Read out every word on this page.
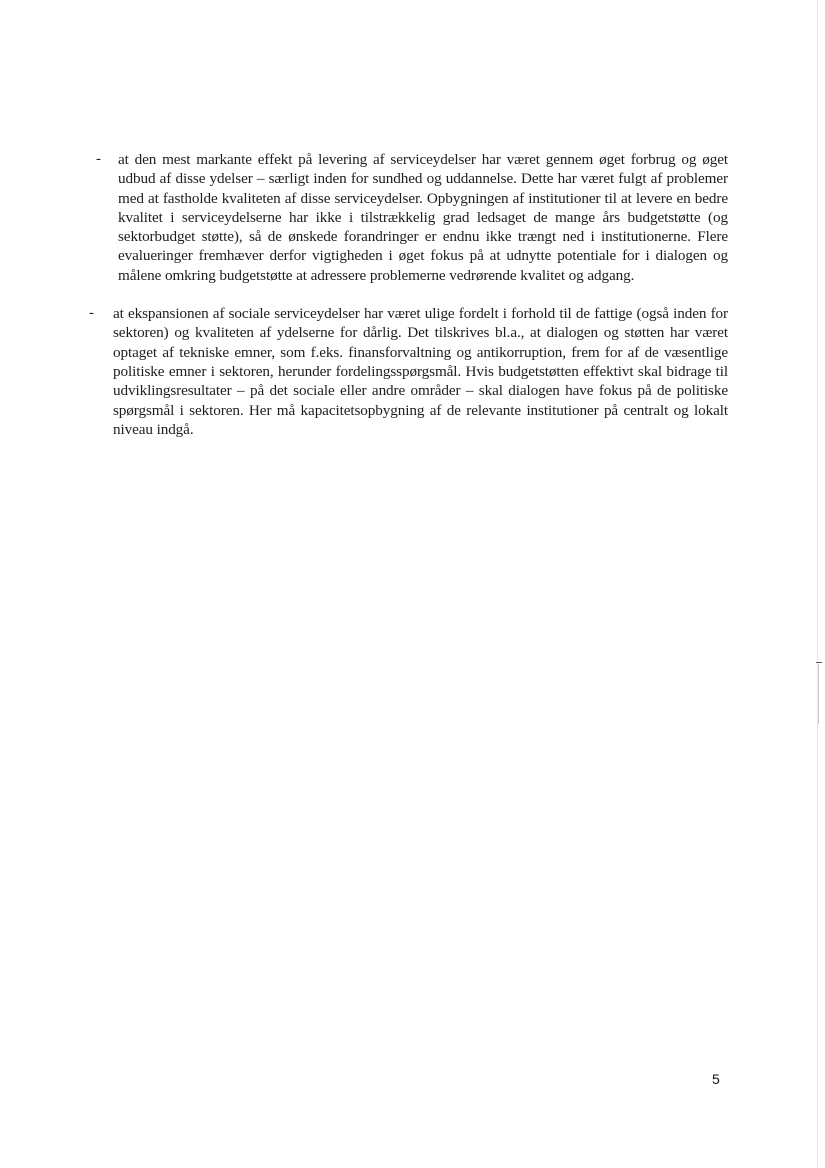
- at den mest markante effekt på levering af serviceydelser har været gennem øget forbrug og øget udbud af disse ydelser – særligt inden for sundhed og uddannelse. Dette har været fulgt af problemer med at fastholde kvaliteten af disse serviceydelser. Opbygningen af institutioner til at levere en bedre kvalitet i serviceydelserne har ikke i tilstrækkelig grad ledsaget de mange års budgetstøtte (og sektorbudget støtte), så de ønskede forandringer er endnu ikke trængt ned i institutionerne. Flere evalueringer fremhæver derfor vigtigheden i øget fokus på at udnytte potentiale for i dialogen og målene omkring budgetstøtte at adressere problemerne vedrørende kvalitet og adgang.
- at ekspansionen af sociale serviceydelser har været ulige fordelt i forhold til de fattige (også inden for sektoren) og kvaliteten af ydelserne for dårlig. Det tilskrives bl.a., at dialogen og støtten har været optaget af tekniske emner, som f.eks. finansforvaltning og antikorruption, frem for af de væsentlige politiske emner i sektoren, herunder fordelingsspørgsmål. Hvis budgetstøtten effektivt skal bidrage til udviklingsresultater – på det sociale eller andre områder – skal dialogen have fokus på de politiske spørgsmål i sektoren. Her må kapacitetsopbygning af de relevante institutioner på centralt og lokalt niveau indgå.
5
